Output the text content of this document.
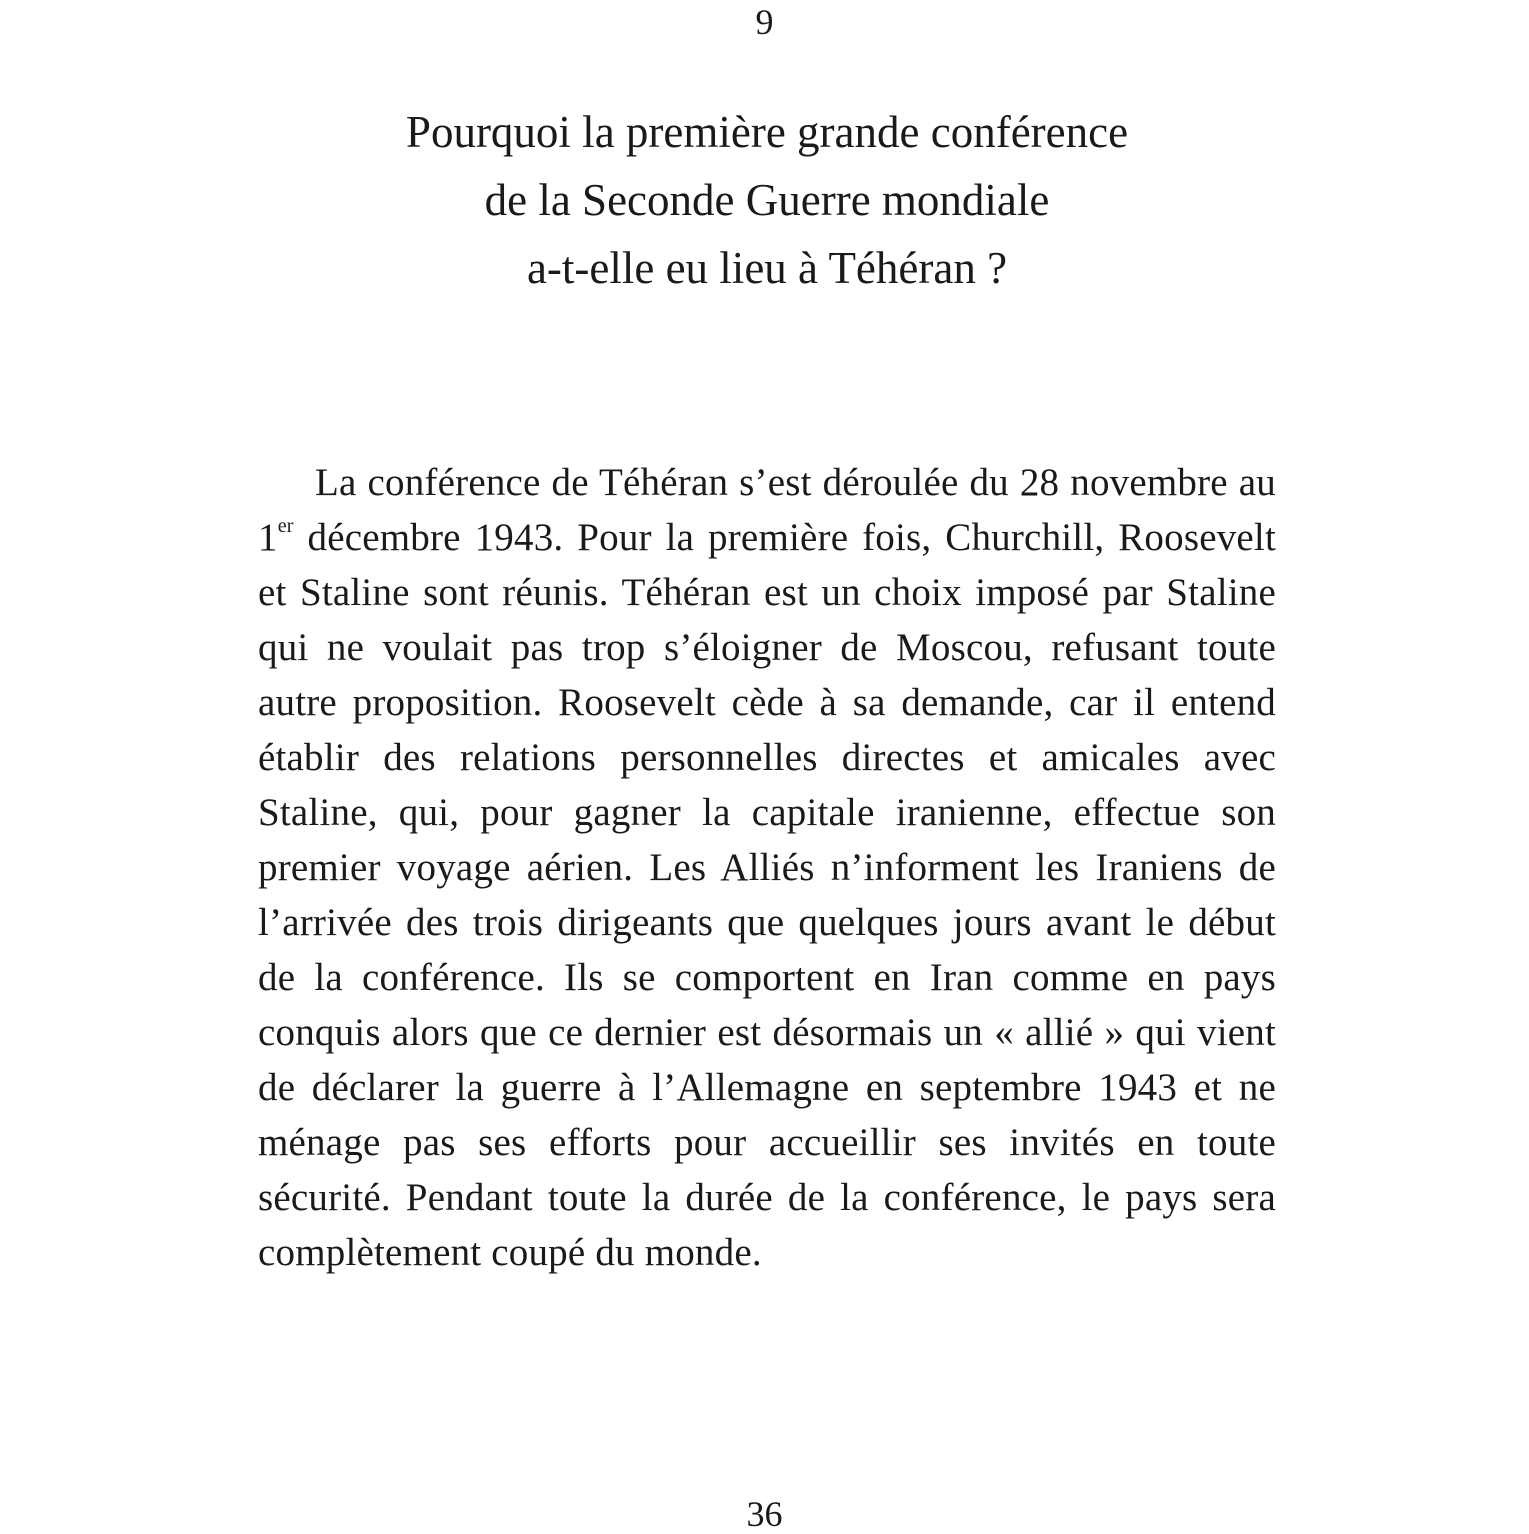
9
Pourquoi la première grande conférence
de la Seconde Guerre mondiale
a-t-elle eu lieu à Téhéran ?

La conférence de Téhéran s’est déroulée du 28 novembre au 1er décembre 1943. Pour la première fois, Churchill, Roosevelt et Staline sont réunis. Téhéran est un choix imposé par Staline qui ne voulait pas trop s’éloigner de Moscou, refusant toute autre proposition. Roosevelt cède à sa demande, car il entend établir des relations personnelles directes et amicales avec Staline, qui, pour gagner la capitale iranienne, effectue son premier voyage aérien. Les Alliés n’informent les Iraniens de l’arrivée des trois dirigeants que quelques jours avant le début de la conférence. Ils se comportent en Iran comme en pays conquis alors que ce dernier est désormais un « allié » qui vient de déclarer la guerre à l’Allemagne en septembre 1943 et ne ménage pas ses efforts pour accueillir ses invités en toute sécurité. Pendant toute la durée de la conférence, le pays sera complètement coupé du monde.

36
